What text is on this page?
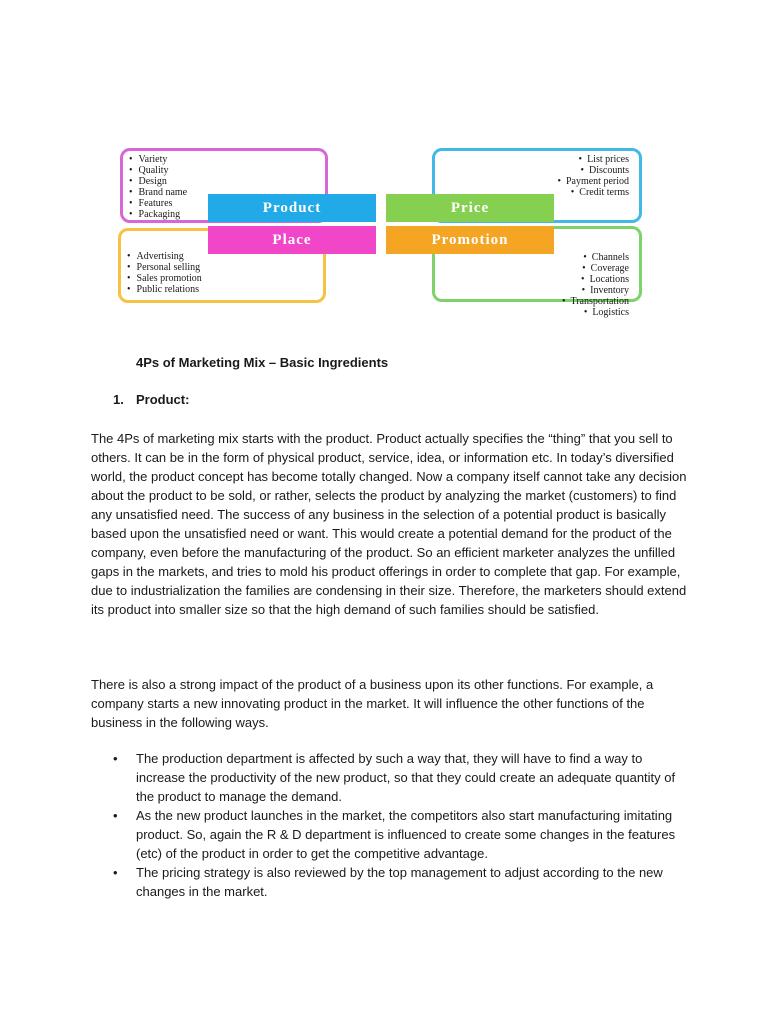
• Variety
• Quality
• Design
• Brand name
• Features
• Packaging
• List prices
• Discounts
• Payment period
• Credit terms
• Advertising
• Personal selling
• Sales promotion
• Public relations
• Channels
• Coverage
• Locations
• Inventory
• Transportation
• Logistics
Product	Price
Place	Promotion
4Ps of Marketing Mix – Basic Ingredients
1. Product:

The 4Ps of marketing mix starts with the product. Product actually specifies the “thing” that you sell to others. It can be in the form of physical product, service, idea, or information etc. In today’s diversified world, the product concept has become totally changed. Now a company itself cannot take any decision about the product to be sold, or rather, selects the product by analyzing the market (customers) to find any unsatisfied need. The success of any business in the selection of a potential product is basically based upon the unsatisfied need or want. This would create a potential demand for the product of the company, even before the manufacturing of the product. So an efficient marketer analyzes the unfilled gaps in the markets, and tries to mold his product offerings in order to complete that gap. For example, due to industrialization the families are condensing in their size. Therefore, the marketers should extend its product into smaller size so that the high demand of such families should be satisfied.

There is also a strong impact of the product of a business upon its other functions. For example, a company starts a new innovating product in the market. It will influence the other functions of the business in the following ways.

• The production department is affected by such a way that, they will have to find a way to increase the productivity of the new product, so that they could create an adequate quantity of the product to manage the demand.
• As the new product launches in the market, the competitors also start manufacturing imitating product. So, again the R & D department is influenced to create some changes in the features (etc) of the product in order to get the competitive advantage.
• The pricing strategy is also reviewed by the top management to adjust according to the new changes in the market.
